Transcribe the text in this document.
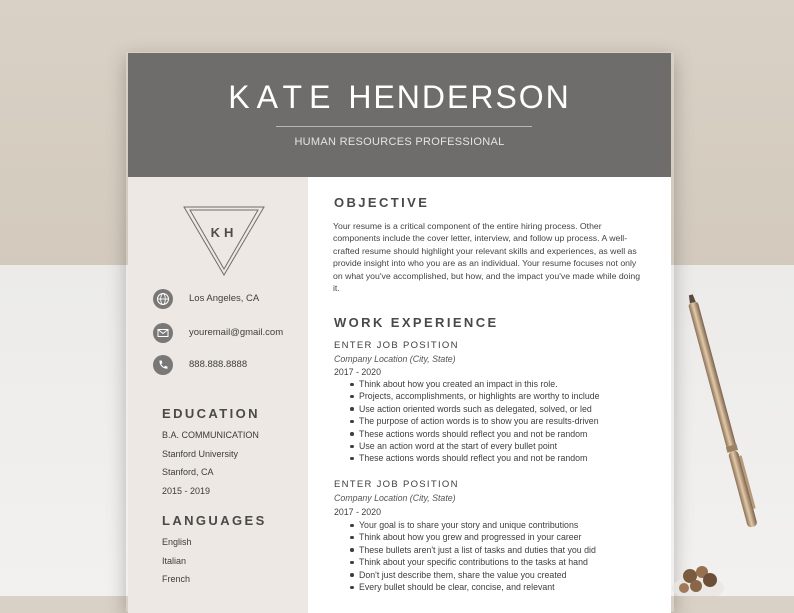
KATE HENDERSON
HUMAN RESOURCES PROFESSIONAL
KH
Los Angeles, CA
youremail@gmail.com
888.888.8888
EDUCATION
B.A. COMMUNICATION
Stanford University
Stanford, CA
2015 - 2019
LANGUAGES
English
Italian
French
OBJECTIVE
Your resume is a critical component of the entire hiring process. Other components include the cover letter, interview, and follow up process. A well-crafted resume should highlight your relevant skills and experiences, as well as provide insight into who you are as an individual. Your resume focuses not only on what you've accomplished, but how, and the impact you've made while doing it.
WORK EXPERIENCE
ENTER JOB POSITION
Company Location (City, State)
2017 - 2020
Think about how you created an impact in this role.
Projects, accomplishments, or highlights are worthy to include
Use action oriented words such as delegated, solved, or led
The purpose of action words is to show you are results-driven
These actions words should reflect you and not be random
Use an action word at the start of every bullet point
These actions words should reflect you and not be random
ENTER JOB POSITION
Company Location (City, State)
2017 - 2020
Your goal is to share your story and unique contributions
Think about how you grew and progressed in your career
These bullets aren't just a list of tasks and duties that you did
Think about your specific contributions to the tasks at hand
Don't just describe them, share the value you created
Every bullet should be clear, concise, and relevant
